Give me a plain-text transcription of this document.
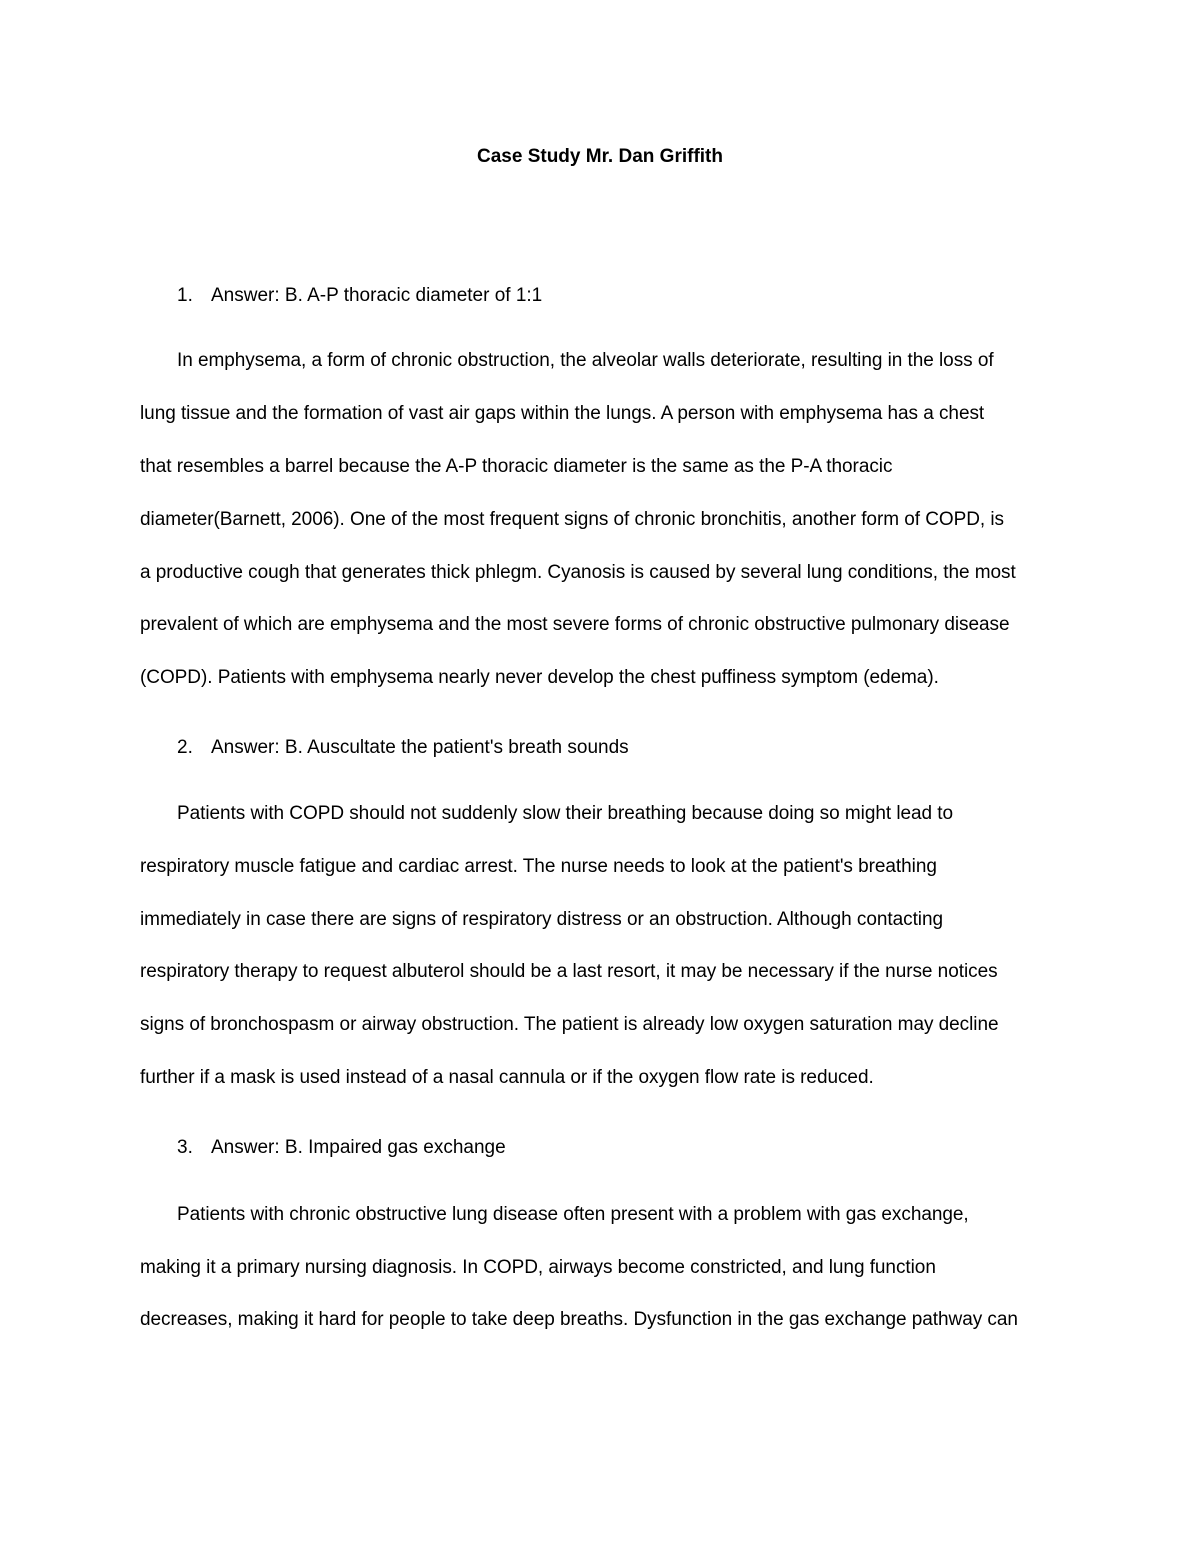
Case Study Mr. Dan Griffith
1. Answer: B. A-P thoracic diameter of 1:1
In emphysema, a form of chronic obstruction, the alveolar walls deteriorate, resulting in the loss of
lung tissue and the formation of vast air gaps within the lungs. A person with emphysema has a chest
that resembles a barrel because the A-P thoracic diameter is the same as the P-A thoracic
diameter(Barnett, 2006). One of the most frequent signs of chronic bronchitis, another form of COPD, is
a productive cough that generates thick phlegm. Cyanosis is caused by several lung conditions, the most
prevalent of which are emphysema and the most severe forms of chronic obstructive pulmonary disease
(COPD). Patients with emphysema nearly never develop the chest puffiness symptom (edema).
2. Answer: B. Auscultate the patient's breath sounds
Patients with COPD should not suddenly slow their breathing because doing so might lead to
respiratory muscle fatigue and cardiac arrest. The nurse needs to look at the patient's breathing
immediately in case there are signs of respiratory distress or an obstruction. Although contacting
respiratory therapy to request albuterol should be a last resort, it may be necessary if the nurse notices
signs of bronchospasm or airway obstruction. The patient is already low oxygen saturation may decline
further if a mask is used instead of a nasal cannula or if the oxygen flow rate is reduced.
3. Answer: B. Impaired gas exchange
Patients with chronic obstructive lung disease often present with a problem with gas exchange,
making it a primary nursing diagnosis. In COPD, airways become constricted, and lung function
decreases, making it hard for people to take deep breaths. Dysfunction in the gas exchange pathway can
